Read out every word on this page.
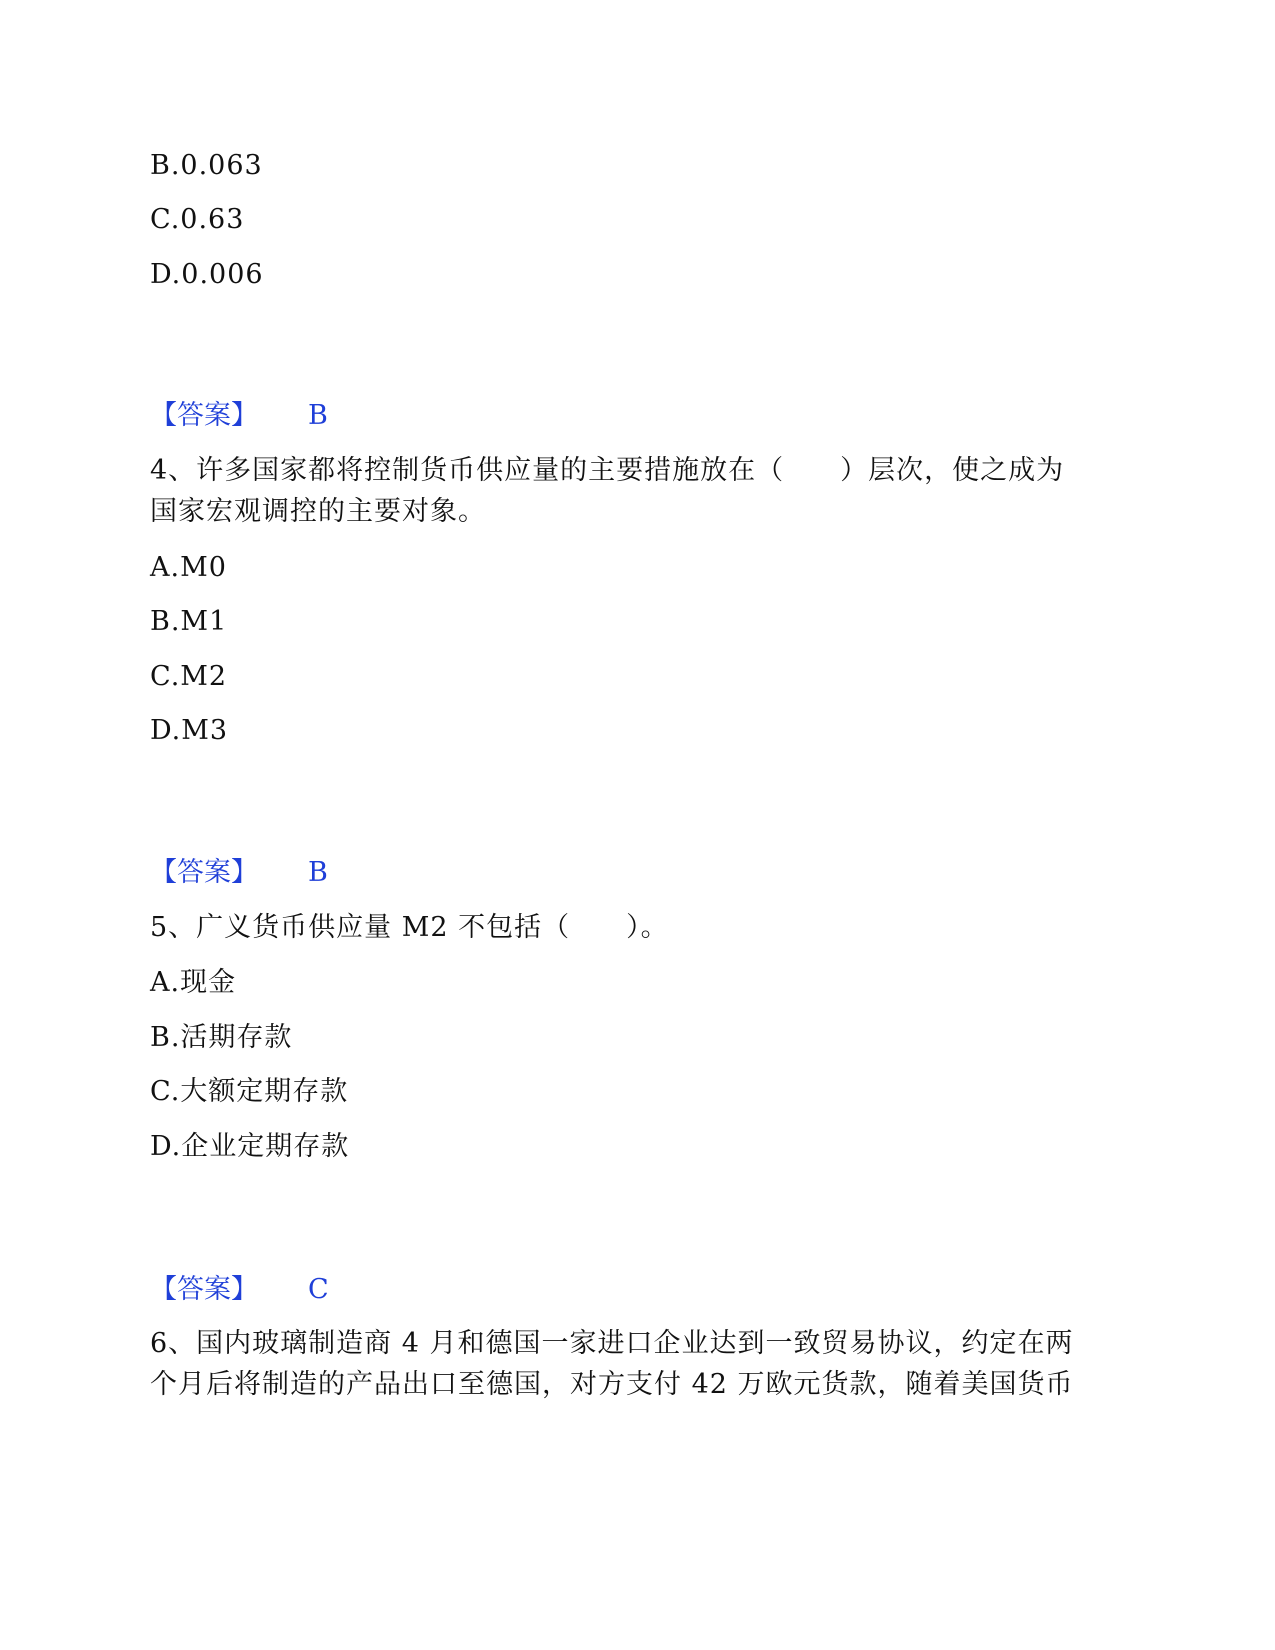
B.0.063
C.0.63
D.0.006
【答案】 B
4、许多国家都将控制货币供应量的主要措施放在（　　）层次，使之成为
国家宏观调控的主要对象。
A.M0
B.M1
C.M2
D.M3
【答案】 B
5、广义货币供应量 M2 不包括（　　）。
A.现金
B.活期存款
C.大额定期存款
D.企业定期存款
【答案】 C
6、国内玻璃制造商 4 月和德国一家进口企业达到一致贸易协议，约定在两
个月后将制造的产品出口至德国，对方支付 42 万欧元货款，随着美国货币
